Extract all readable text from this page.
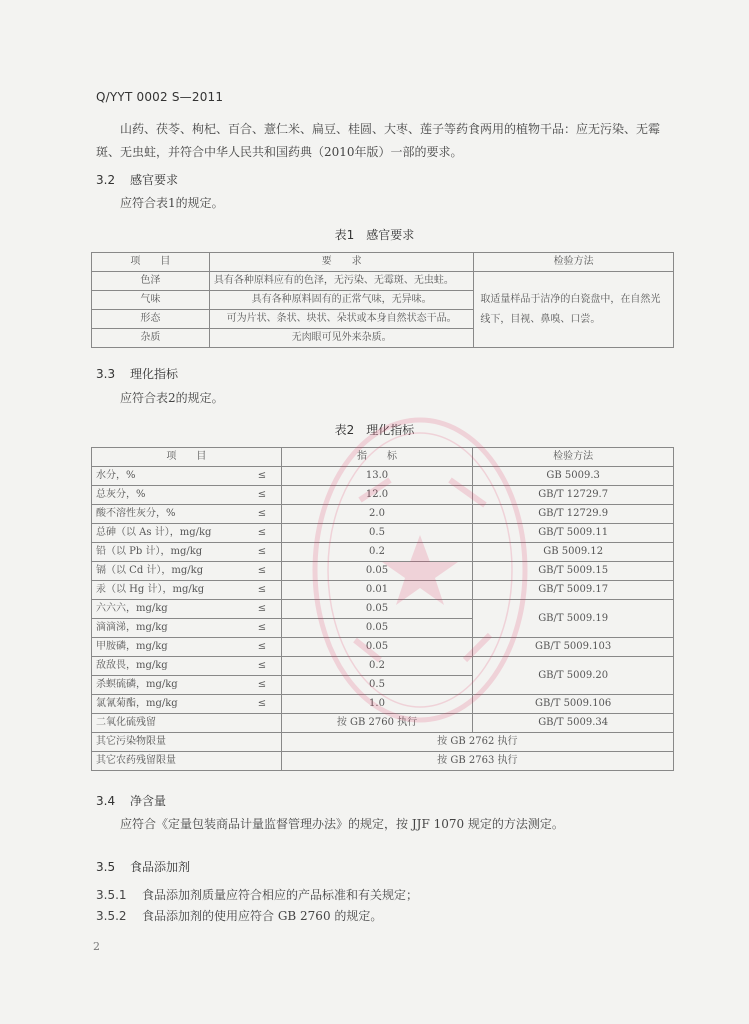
Q/YYT 0002 S—2011
山药、茯苓、枸杞、百合、薏仁米、扁豆、桂圆、大枣、莲子等药食两用的植物干品：应无污染、无霉斑、无虫蛀，并符合中华人民共和国药典（2010年版）一部的要求。
3.2 感官要求
应符合表1的规定。
表1　感官要求
项　　目	要　　求	检验方法
色泽	具有各种原料应有的色泽，无污染、无霉斑、无虫蛀。	取适量样品于洁净的白瓷盘中，在自然光线下，目视、鼻嗅、口尝。
气味	具有各种原料固有的正常气味，无异味。	
形态	可为片状、条状、块状、朵状或本身自然状态干品。	
杂质	无肉眼可见外来杂质。	
3.3 理化指标
应符合表2的规定。
表2　理化指标
项　　目		指　　标	检验方法
水分，%	≤	13.0	GB 5009.3
总灰分，%	≤	12.0	GB/T 12729.7
酸不溶性灰分，%	≤	2.0	GB/T 12729.9
总砷（以 As 计），mg/kg	≤	0.5	GB/T 5009.11
铅（以 Pb 计），mg/kg	≤	0.2	GB 5009.12
镉（以 Cd 计），mg/kg	≤	0.05	GB/T 5009.15
汞（以 Hg 计），mg/kg	≤	0.01	GB/T 5009.17
六六六，mg/kg	≤	0.05	GB/T 5009.19
滴滴涕，mg/kg	≤	0.05	
甲胺磷，mg/kg	≤	0.05	GB/T 5009.103
敌敌畏，mg/kg	≤	0.2	GB/T 5009.20
杀螟硫磷，mg/kg	≤	0.5	
氯氰菊酯，mg/kg	≤	1.0	GB/T 5009.106
二氧化硫残留		按 GB 2760 执行	GB/T 5009.34
其它污染物限量		按 GB 2762 执行	
其它农药残留限量		按 GB 2763 执行	
3.4 净含量
应符合《定量包装商品计量监督管理办法》的规定，按 JJF 1070 规定的方法测定。
3.5 食品添加剂
3.5.1 食品添加剂质量应符合相应的产品标准和有关规定；
3.5.2 食品添加剂的使用应符合 GB 2760 的规定。
2
